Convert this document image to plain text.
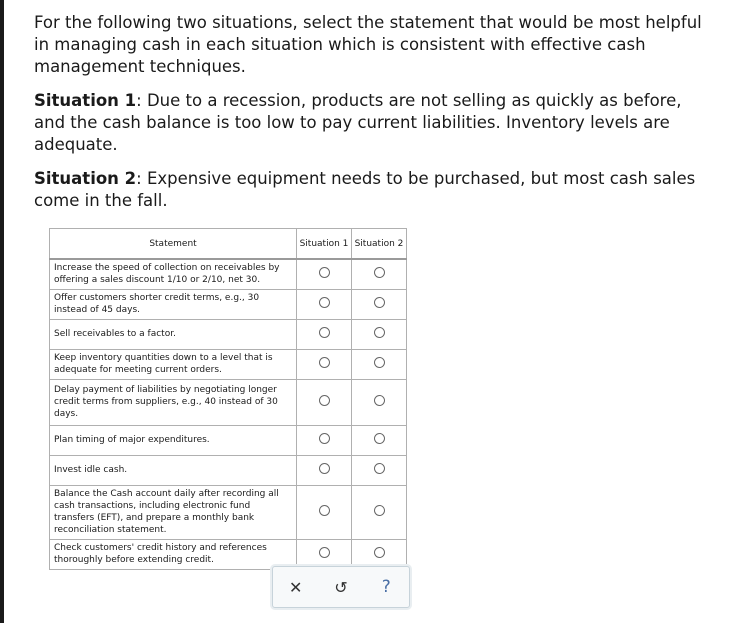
For the following two situations, select the statement that would be most helpful in managing cash in each situation which is consistent with effective cash management techniques.

Situation 1: Due to a recession, products are not selling as quickly as before, and the cash balance is too low to pay current liabilities. Inventory levels are adequate.

Situation 2: Expensive equipment needs to be purchased, but most cash sales come in the fall.

Statement	Situation 1	Situation 2
Increase the speed of collection on receivables by offering a sales discount 1/10 or 2/10, net 30.		
Offer customers shorter credit terms, e.g., 30 instead of 45 days.		
Sell receivables to a factor.		
Keep inventory quantities down to a level that is adequate for meeting current orders.		
Delay payment of liabilities by negotiating longer credit terms from suppliers, e.g., 40 instead of 30 days.		
Plan timing of major expenditures.		
Invest idle cash.		
Balance the Cash account daily after recording all cash transactions, including electronic fund transfers (EFT), and prepare a monthly bank reconciliation statement.		
Check customers' credit history and references thoroughly before extending credit.		
✕	↺	?
